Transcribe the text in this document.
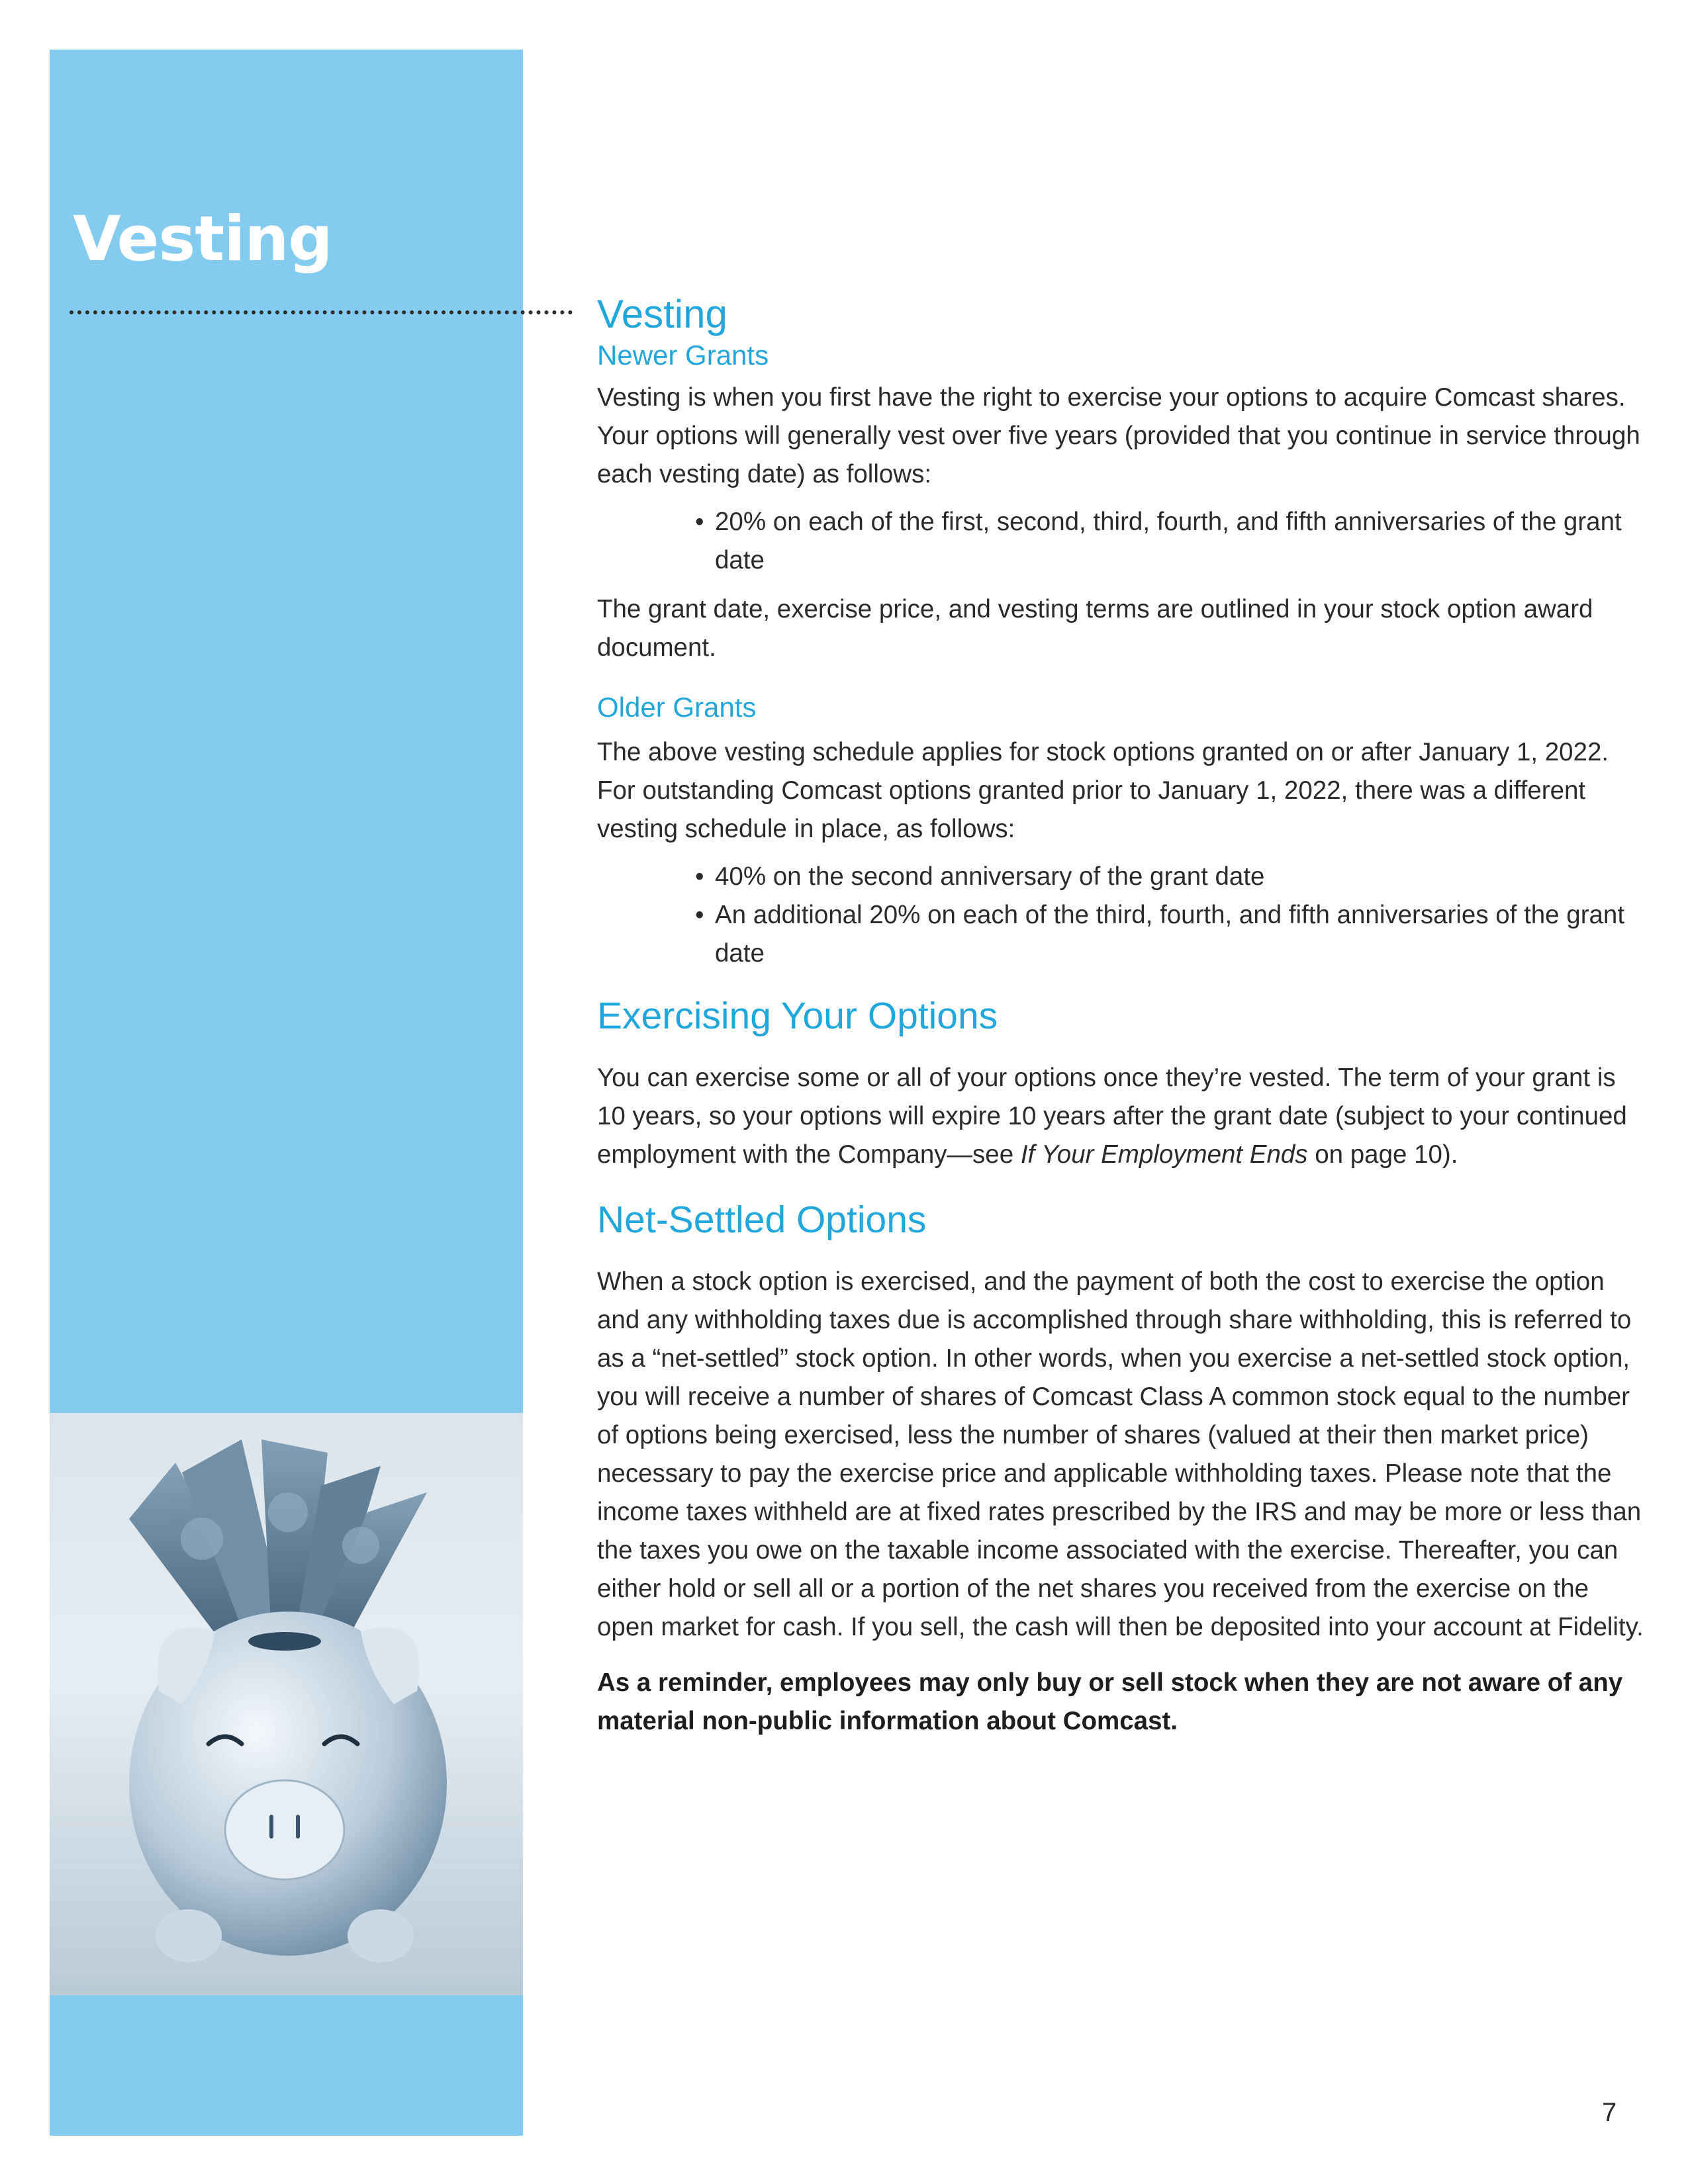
Vesting
Vesting
Newer Grants

Vesting is when you first have the right to exercise your options to acquire Comcast shares. Your options will generally vest over five years (provided that you continue in service through each vesting date) as follows:

• 20% on each of the first, second, third, fourth, and fifth anniversaries of the grant date

The grant date, exercise price, and vesting terms are outlined in your stock option award document.

Older Grants

The above vesting schedule applies for stock options granted on or after January 1, 2022. For outstanding Comcast options granted prior to January 1, 2022, there was a different vesting schedule in place, as follows:

• 40% on the second anniversary of the grant date
• An additional 20% on each of the third, fourth, and fifth anniversaries of the grant date
Exercising Your Options

You can exercise some or all of your options once they’re vested. The term of your grant is 10 years, so your options will expire 10 years after the grant date (subject to your continued employment with the Company—see If Your Employment Ends on page 10).

Net-Settled Options

When a stock option is exercised, and the payment of both the cost to exercise the option and any withholding taxes due is accomplished through share withholding, this is referred to as a “net-settled” stock option. In other words, when you exercise a net-settled stock option, you will receive a number of shares of Comcast Class A common stock equal to the number of options being exercised, less the number of shares (valued at their then market price) necessary to pay the exercise price and applicable withholding taxes. Please note that the income taxes withheld are at fixed rates prescribed by the IRS and may be more or less than the taxes you owe on the taxable income associated with the exercise. Thereafter, you can either hold or sell all or a portion of the net shares you received from the exercise on the open market for cash. If you sell, the cash will then be deposited into your account at Fidelity.

As a reminder, employees may only buy or sell stock when they are not aware of any material non-public information about Comcast.

7
